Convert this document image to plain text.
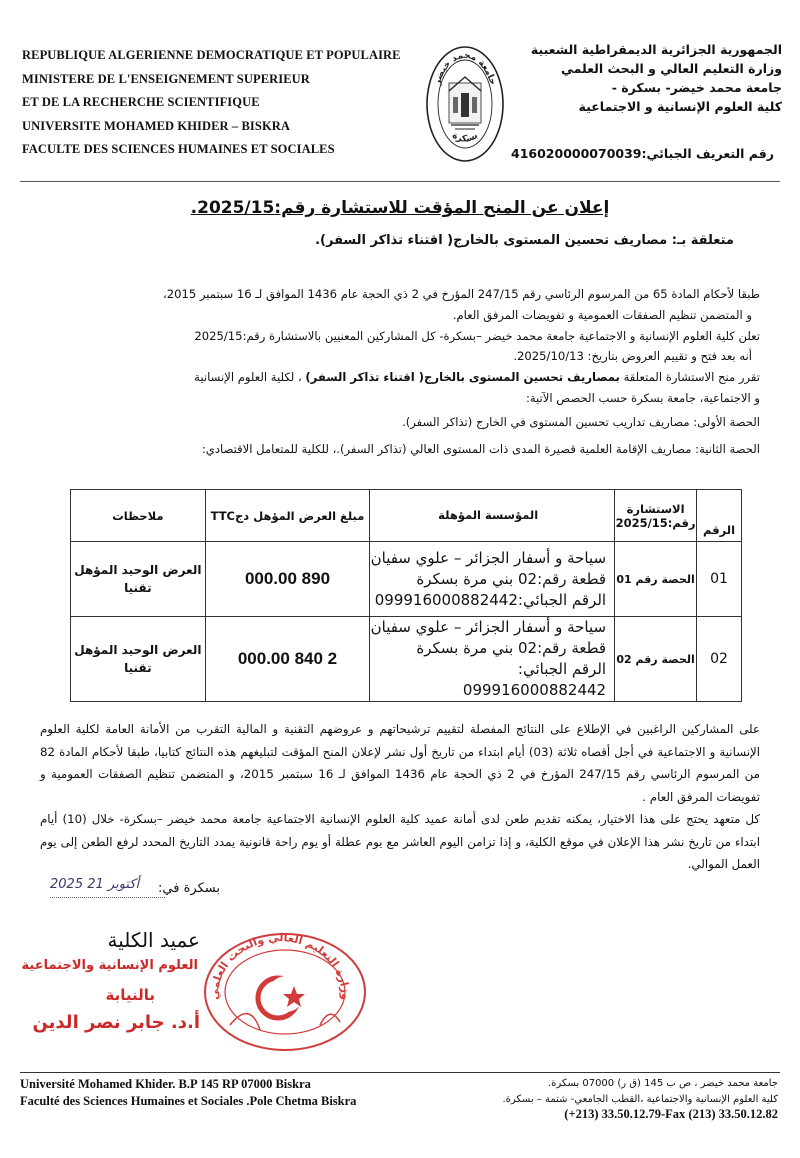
REPUBLIQUE ALGERIENNE DEMOCRATIQUE ET POPULAIRE
MINISTERE DE L'ENSEIGNEMENT SUPERIEUR
ET DE LA RECHERCHE SCIENTIFIQUE
UNIVERSITE MOHAMED KHIDER – BISKRA
FACULTE DES SCIENCES HUMAINES ET SOCIALES
جامعة محمد خيضر
بسكرة
الجمهورية الجزائرية الديمقراطية الشعبية
وزارة التعليم العالي و البحث العلمي
جامعة محمد خيضر- بسكرة -
كلية العلوم الإنسانية و الاجتماعية
رقم التعريف الجبائي:416020000070039
إعلان عن المنح المؤقت للاستشارة رقم:2025/15.
متعلقة بـ: مصاريف تحسين المستوى بالخارج( اقتناء تذاكر السفر).

طبقا لأحكام المادة 65 من المرسوم الرئاسي رقم 247/15 المؤرخ في 2 ذي الحجة عام 1436 الموافق لـ 16 سبتمبر 2015،

و المتضمن تنظيم الصفقات العمومية و تفويضات المرفق العام.

تعلن كلية العلوم الإنسانية و الاجتماعية جامعة محمد خيضر –بسكرة- كل المشاركين المعنيين بالاستشارة رقم:2025/15

أنه بعد فتح و تقييم العروض بتاريخ: 2025/10/13.

تقرر منح الاستشارة المتعلقة بمصاريف تحسين المستوى بالخارج( اقتناء تذاكر السفر) ، لكلية العلوم الإنسانية

و الاجتماعية، جامعة بسكرة حسب الحصص الآتية:

الحصة الأولى: مصاريف تداريب تحسين المستوى في الخارج (تذاكر السفر).

الحصة الثانية: مصاريف الإقامة العلمية قصيرة المدى ذات المستوى العالي (تذاكر السفر).، للكلية للمتعامل الاقتصادي:

الرقم	الاستشارة رقم:2025/15	المؤسسة المؤهلة	مبلغ العرض المؤهل دجTTC	ملاحظات
01	الحصة رقم 01	سياحة و أسفار الجزائر – علوي سفيان
قطعة رقم:02 بني مرة بسكرة
الرقم الجبائي:099916000882442	890 000.00	العرض الوحيد المؤهل تقنيا
02	الحصة رقم 02	سياحة و أسفار الجزائر – علوي سفيان
قطعة رقم:02 بني مرة بسكرة
الرقم الجبائي: 099916000882442	2 840 000.00	العرض الوحيد المؤهل تقنيا

على المشاركين الراغبين في الإطلاع على النتائج المفصلة لتقييم ترشيحاتهم و عروضهم التقنية و المالية التقرب من الأمانة العامة لكلية العلوم الإنسانية و الاجتماعية في أجل أقصاه ثلاثة (03) أيام ابتداء من تاريخ أول نشر لإعلان المنح المؤقت لتبليغهم هذه النتائج كتابيا، طبقا لأحكام المادة 82 من المرسوم الرئاسي رقم 247/15 المؤرخ في 2 ذي الحجة عام 1436 الموافق لـ 16 سبتمبر 2015، و المتضمن تنظيم الصفقات العمومية و تفويضات المرفق العام .

كل متعهد يحتج على هذا الاختيار، يمكنه تقديم طعن لدى أمانة عميد كلية العلوم الإنسانية الاجتماعية جامعة محمد خيضر –بسكرة- خلال (10) أيام ابتداء من تاريخ نشر هذا الإعلان في موقع الكلية، و إذا تزامن اليوم العاشر مع يوم عطلة أو يوم راحة قانونية يمدد التاريخ المحدد لرفع الطعن إلى يوم العمل الموالي.

بسكرة في:
2025 أكتوبر 21
عميد الكلية
العلوم الإنسانية والاجتماعية
بالنيابة
أ.د. جابر نصر الدين
وزارة التعليم العالي والبحث العلمي
Université Mohamed Khider. B.P 145 RP 07000 Biskra
Faculté des Sciences Humaines et Sociales .Pole Chetma Biskra
جامعة محمد خيضر ، ص ب 145 (ق ر) 07000 بسكرة.
كلية العلوم الإنسانية والاجتماعية ،القطب الجامعي- شتمة – بسكرة.
(+213) 33.50.12.79-Fax (213) 33.50.12.82
